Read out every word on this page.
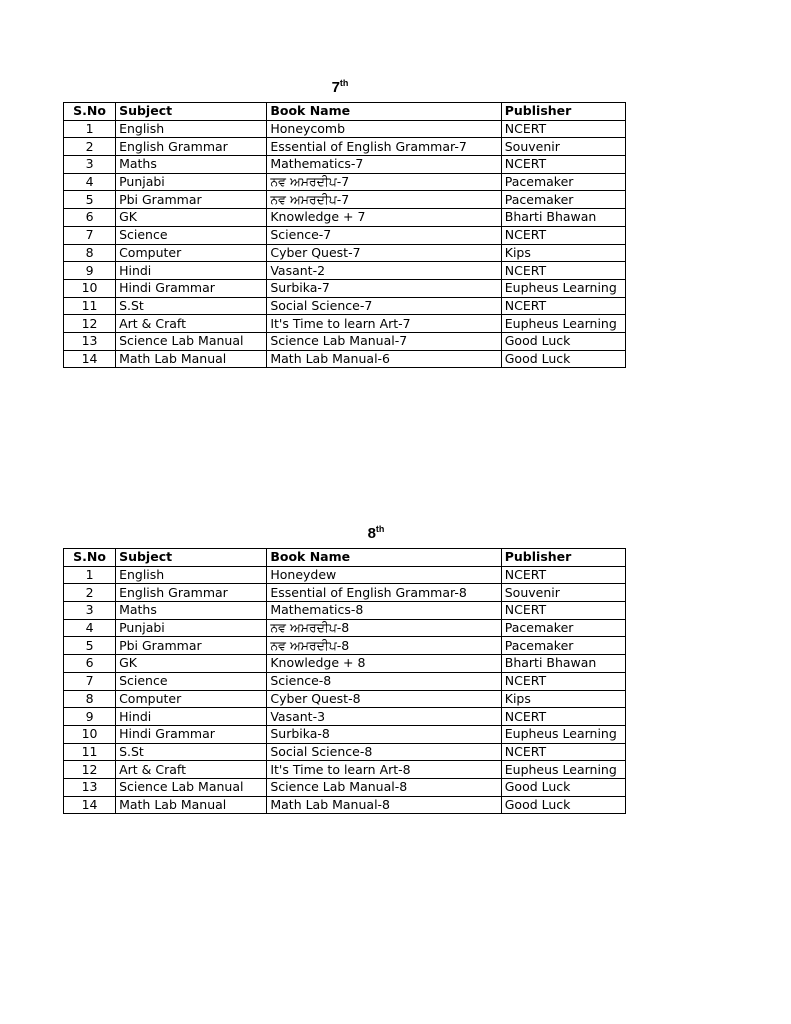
7th
S.No	Subject	Book Name	Publisher
1	English	Honeycomb	NCERT
2	English Grammar	Essential of English Grammar-7	Souvenir
3	Maths	Mathematics-7	NCERT
4	Punjabi	ਨਵ ਅਮਰਦੀਪ-7	Pacemaker
5	Pbi Grammar	ਨਵ ਅਮਰਦੀਪ-7	Pacemaker
6	GK	Knowledge + 7	Bharti Bhawan
7	Science	Science-7	NCERT
8	Computer	Cyber Quest-7	Kips
9	Hindi	Vasant-2	NCERT
10	Hindi Grammar	Surbika-7	Eupheus Learning
11	S.St	Social Science-7	NCERT
12	Art & Craft	It's Time to learn Art-7	Eupheus Learning
13	Science Lab Manual	Science Lab Manual-7	Good Luck
14	Math Lab Manual	Math Lab Manual-6	Good Luck
8th
S.No	Subject	Book Name	Publisher
1	English	Honeydew	NCERT
2	English Grammar	Essential of English Grammar-8	Souvenir
3	Maths	Mathematics-8	NCERT
4	Punjabi	ਨਵ ਅਮਰਦੀਪ-8	Pacemaker
5	Pbi Grammar	ਨਵ ਅਮਰਦੀਪ-8	Pacemaker
6	GK	Knowledge + 8	Bharti Bhawan
7	Science	Science-8	NCERT
8	Computer	Cyber Quest-8	Kips
9	Hindi	Vasant-3	NCERT
10	Hindi Grammar	Surbika-8	Eupheus Learning
11	S.St	Social Science-8	NCERT
12	Art & Craft	It's Time to learn Art-8	Eupheus Learning
13	Science Lab Manual	Science Lab Manual-8	Good Luck
14	Math Lab Manual	Math Lab Manual-8	Good Luck
